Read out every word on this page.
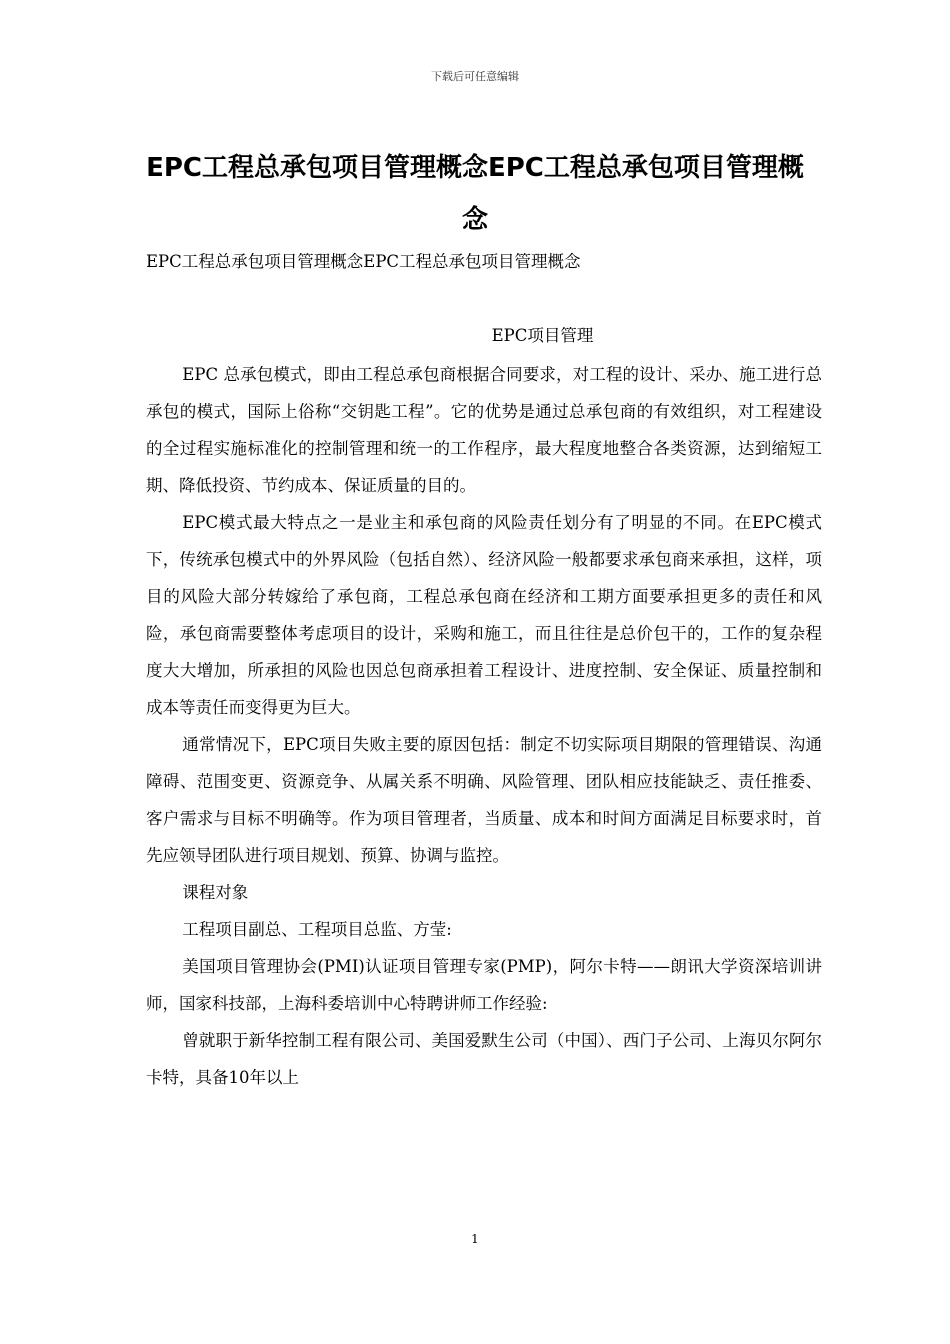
下载后可任意编辑
EPC工程总承包项目管理概念EPC工程总承包项目管理概念
EPC工程总承包项目管理概念EPC工程总承包项目管理概念
EPC项目管理

EPC 总承包模式，即由工程总承包商根据合同要求，对工程的设计、采办、施工进行总承包的模式，国际上俗称“交钥匙工程”。它的优势是通过总承包商的有效组织，对工程建设的全过程实施标准化的控制管理和统一的工作程序，最大程度地整合各类资源，达到缩短工期、降低投资、节约成本、保证质量的目的。

EPC模式最大特点之一是业主和承包商的风险责任划分有了明显的不同。在EPC模式下，传统承包模式中的外界风险（包括自然）、经济风险一般都要求承包商来承担，这样，项目的风险大部分转嫁给了承包商，工程总承包商在经济和工期方面要承担更多的责任和风险，承包商需要整体考虑项目的设计，采购和施工，而且往往是总价包干的，工作的复杂程度大大增加，所承担的风险也因总包商承担着工程设计、进度控制、安全保证、质量控制和成本等责任而变得更为巨大。

通常情况下，EPC项目失败主要的原因包括：制定不切实际项目期限的管理错误、沟通障碍、范围变更、资源竞争、从属关系不明确、风险管理、团队相应技能缺乏、责任推委、客户需求与目标不明确等。作为项目管理者，当质量、成本和时间方面满足目标要求时，首先应领导团队进行项目规划、预算、协调与监控。

课程对象

工程项目副总、工程项目总监、方莹:

美国项目管理协会(PMI)认证项目管理专家(PMP)，阿尔卡特——朗讯大学资深培训讲师，国家科技部，上海科委培训中心特聘讲师工作经验:

曾就职于新华控制工程有限公司、美国爱默生公司（中国）、西门子公司、上海贝尔阿尔卡特，具备10年以上

1
